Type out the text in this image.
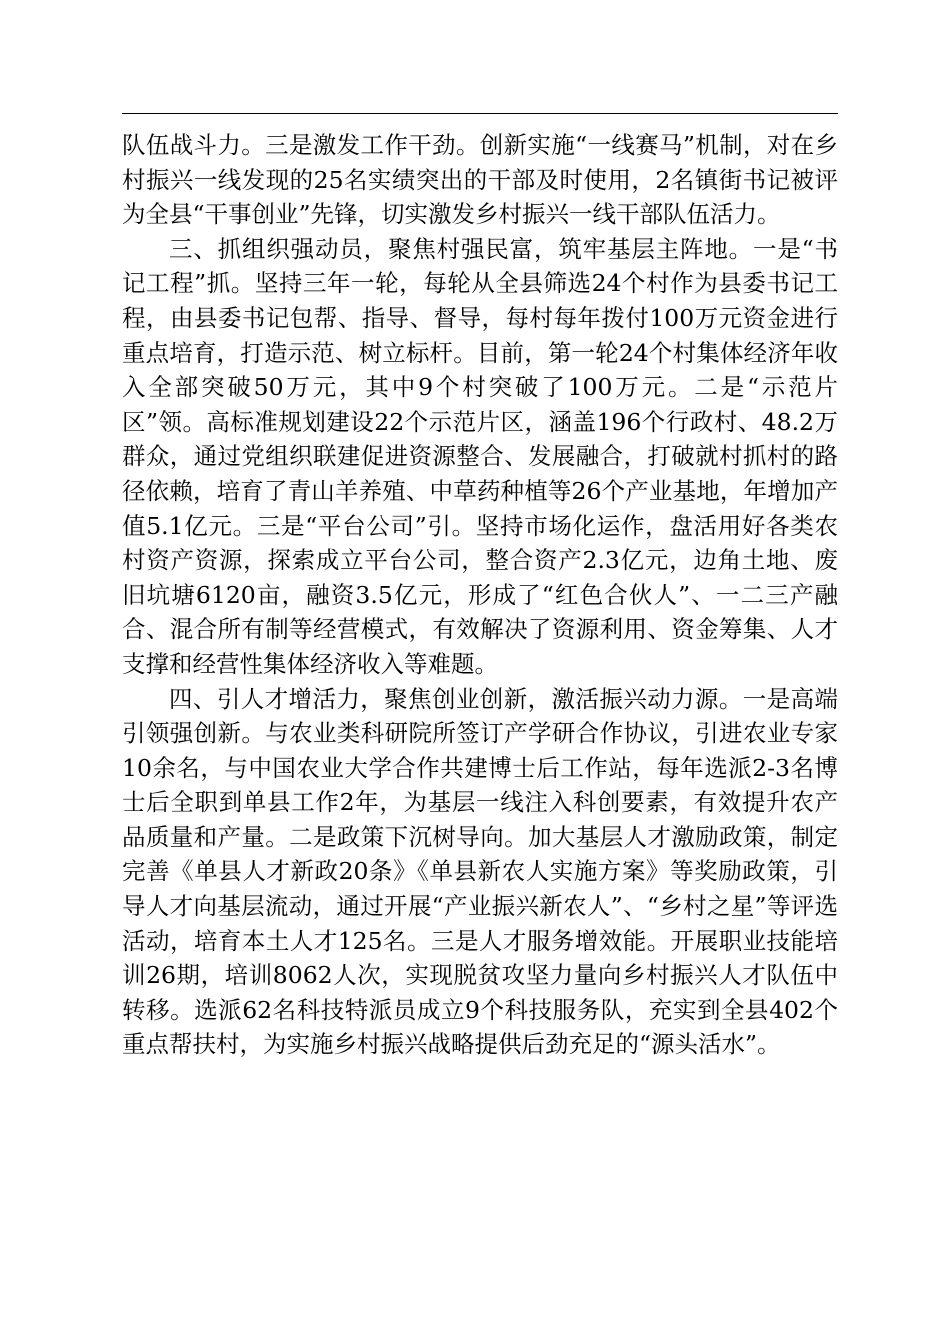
队伍战斗力。三是激发工作干劲。创新实施“一线赛马”机制，对在乡村振兴一线发现的25名实绩突出的干部及时使用，2名镇街书记被评为全县“干事创业”先锋，切实激发乡村振兴一线干部队伍活力。

三、抓组织强动员，聚焦村强民富，筑牢基层主阵地。一是“书记工程”抓。坚持三年一轮，每轮从全县筛选24个村作为县委书记工程，由县委书记包帮、指导、督导，每村每年拨付100万元资金进行重点培育，打造示范、树立标杆。目前，第一轮24个村集体经济年收入全部突破50万元，其中9个村突破了100万元。二是“示范片区”领。高标准规划建设22个示范片区，涵盖196个行政村、48.2万群众，通过党组织联建促进资源整合、发展融合，打破就村抓村的路径依赖，培育了青山羊养殖、中草药种植等26个产业基地，年增加产值5.1亿元。三是“平台公司”引。坚持市场化运作，盘活用好各类农村资产资源，探索成立平台公司，整合资产2.3亿元，边角土地、废旧坑塘6120亩，融资3.5亿元，形成了“红色合伙人”、一二三产融合、混合所有制等经营模式，有效解决了资源利用、资金筹集、人才支撑和经营性集体经济收入等难题。

四、引人才增活力，聚焦创业创新，激活振兴动力源。一是高端引领强创新。与农业类科研院所签订产学研合作协议，引进农业专家10余名，与中国农业大学合作共建博士后工作站，每年选派2-3名博士后全职到单县工作2年，为基层一线注入科创要素，有效提升农产品质量和产量。二是政策下沉树导向。加大基层人才激励政策，制定完善《单县人才新政20条》《单县新农人实施方案》等奖励政策，引导人才向基层流动，通过开展“产业振兴新农人”、“乡村之星”等评选活动，培育本土人才125名。三是人才服务增效能。开展职业技能培训26期，培训8062人次，实现脱贫攻坚力量向乡村振兴人才队伍中转移。选派62名科技特派员成立9个科技服务队，充实到全县402个重点帮扶村，为实施乡村振兴战略提供后劲充足的“源头活水”。
